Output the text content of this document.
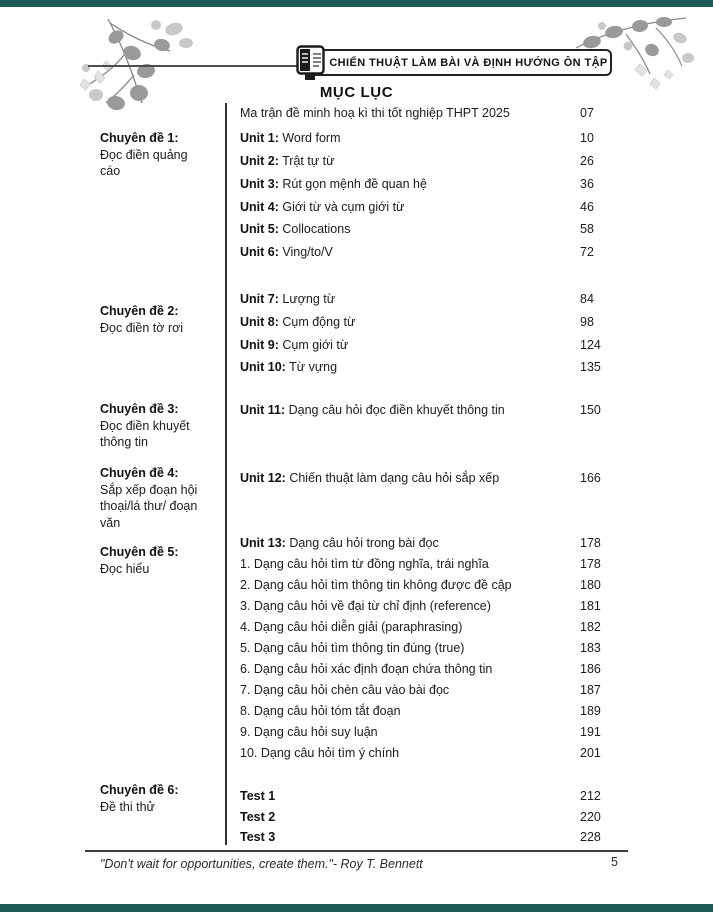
CHIẾN THUẬT LÀM BÀI VÀ ĐỊNH HƯỚNG ÔN TẬP
MỤC LỤC
Chuyên đề 1:
Đọc điền quảng cáo
Chuyên đề 2:
Đọc điền tờ rơi
Chuyên đề 3:
Đọc điền khuyết thông tin
Chuyên đề 4:
Sắp xếp đoạn hội thoại/lá thư/ đoạn văn
Chuyên đề 5:
Đọc hiểu
Chuyên đề 6:
Đề thi thử
Ma trận đề minh hoạ kì thi tốt nghiệp THPT 2025	07
Unit 1: Word form	10
Unit 2: Trật tự từ	26
Unit 3: Rút gọn mệnh đề quan hệ	36
Unit 4: Giới từ và cụm giới từ	46
Unit 5: Collocations	58
Unit 6: Ving/to/V	72
Unit 7: Lượng từ	84
Unit 8: Cụm động từ	98
Unit 9: Cụm giới từ	124
Unit 10: Từ vựng	135
Unit 11: Dạng câu hỏi đọc điền khuyết thông tin	150
Unit 12: Chiến thuật làm dạng câu hỏi sắp xếp	166
Unit 13: Dạng câu hỏi trong bài đọc	178
1. Dạng câu hỏi tìm từ đồng nghĩa, trái nghĩa	178
2. Dạng câu hỏi tìm thông tin không được đề cập	180
3. Dạng câu hỏi về đại từ chỉ định (reference)	181
4. Dạng câu hỏi diễn giải (paraphrasing)	182
5. Dạng câu hỏi tìm thông tin đúng (true)	183
6. Dạng câu hỏi xác định đoạn chứa thông tin	186
7. Dạng câu hỏi chèn câu vào bài đọc	187
8. Dạng câu hỏi tóm tắt đoạn	189
9. Dạng câu hỏi suy luận	191
10. Dạng câu hỏi tìm ý chính	201
Test 1	212
Test 2	220
Test 3	228
"Don't wait for opportunities, create them."- Roy T. Bennett	5
